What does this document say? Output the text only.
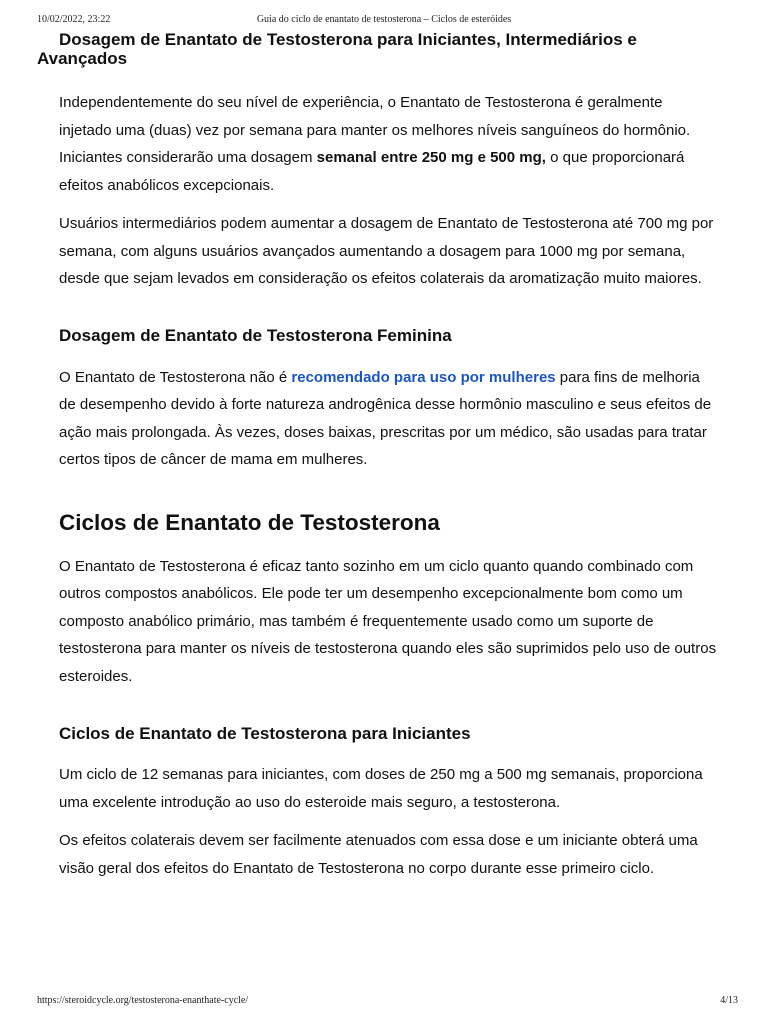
10/02/2022, 23:22	Guia do ciclo de enantato de testosterona – Ciclos de esteróides
Dosagem de Enantato de Testosterona para Iniciantes, Intermediários e
Avançados

Independentemente do seu nível de experiência, o Enantato de Testosterona é geralmente injetado uma (duas) vez por semana para manter os melhores níveis sanguíneos do hormônio. Iniciantes considerarão uma dosagem semanal entre 250 mg e 500 mg, o que proporcionará efeitos anabólicos excepcionais.

Usuários intermediários podem aumentar a dosagem de Enantato de Testosterona até 700 mg por semana, com alguns usuários avançados aumentando a dosagem para 1000 mg por semana, desde que sejam levados em consideração os efeitos colaterais da aromatização muito maiores.

Dosagem de Enantato de Testosterona Feminina

O Enantato de Testosterona não é recomendado para uso por mulheres para fins de melhoria de desempenho devido à forte natureza androgênica desse hormônio masculino e seus efeitos de ação mais prolongada. Às vezes, doses baixas, prescritas por um médico, são usadas para tratar certos tipos de câncer de mama em mulheres.

Ciclos de Enantato de Testosterona

O Enantato de Testosterona é eficaz tanto sozinho em um ciclo quanto quando combinado com outros compostos anabólicos. Ele pode ter um desempenho excepcionalmente bom como um composto anabólico primário, mas também é frequentemente usado como um suporte de testosterona para manter os níveis de testosterona quando eles são suprimidos pelo uso de outros esteroides.

Ciclos de Enantato de Testosterona para Iniciantes

Um ciclo de 12 semanas para iniciantes, com doses de 250 mg a 500 mg semanais, proporciona uma excelente introdução ao uso do esteroide mais seguro, a testosterona.

Os efeitos colaterais devem ser facilmente atenuados com essa dose e um iniciante obterá uma visão geral dos efeitos do Enantato de Testosterona no corpo durante esse primeiro ciclo.

https://steroidcycle.org/testosterona-enanthate-cycle/	4/13
